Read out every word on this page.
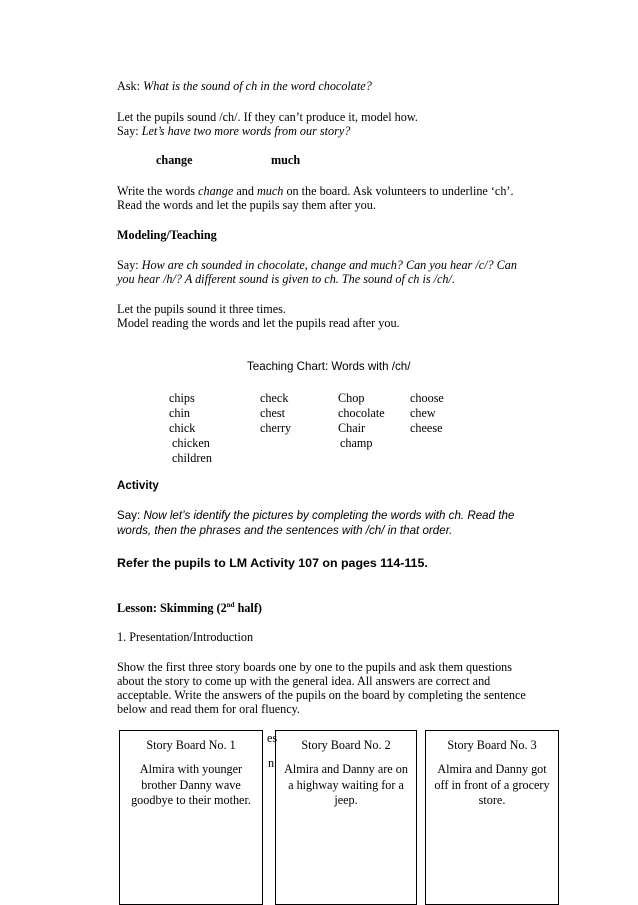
Ask: What is the sound of ch in the word chocolate?
Let the pupils sound /ch/. If they can’t produce it, model how.
Say: Let’s have two more words from our story?
change	much
Write the words change and much on the board. Ask volunteers to underline ‘ch’.
Read the words and let the pupils say them after you.
Modeling/Teaching
Say: How are ch sounded in chocolate, change and much? Can you hear /c/? Can
you hear /h/? A different sound is given to ch. The sound of ch is /ch/.
Let the pupils sound it three times.
Model reading the words and let the pupils read after you.
Teaching Chart: Words with /ch/
chips
chin
chick
chicken
children
check
chest
cherry
Chop
chocolate
Chair
champ
choose
chew
cheese
Activity
Say: Now let’s identify the pictures by completing the words with ch. Read the
words, then the phrases and the sentences with /ch/ in that order.
Refer the pupils to LM Activity 107 on pages 114-115.
Lesson: Skimming (2nd half)
1. Presentation/Introduction
Show the first three story boards one by one to the pupils and ask them questions
about the story to come up with the general idea. All answers are correct and
acceptable. Write the answers of the pupils on the board by completing the sentence
below and read them for oral fluency.
es
n
Story Board No. 1
Almira with younger brother Danny wave goodbye to their mother.
Story Board No. 2
Almira and Danny are on a highway waiting for a jeep.
Story Board No. 3
Almira and Danny got off in front of a grocery store.
